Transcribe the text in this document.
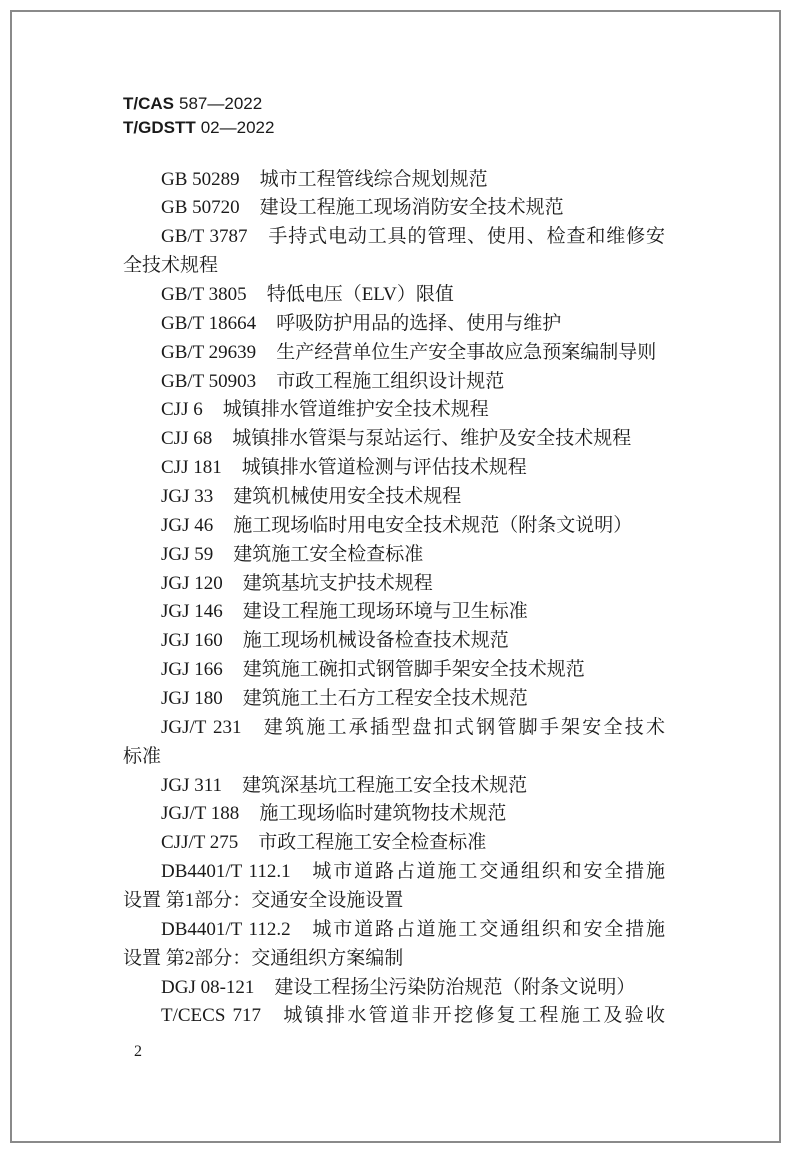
T/CAS 587—2022
T/GDSTT 02—2022
GB 50289 城市工程管线综合规划规范
GB 50720 建设工程施工现场消防安全技术规范
GB/T 3787 手持式电动工具的管理、使用、检查和维修安
全技术规程
GB/T 3805 特低电压（ELV）限值
GB/T 18664 呼吸防护用品的选择、使用与维护
GB/T 29639 生产经营单位生产安全事故应急预案编制导则
GB/T 50903 市政工程施工组织设计规范
CJJ 6 城镇排水管道维护安全技术规程
CJJ 68 城镇排水管渠与泵站运行、维护及安全技术规程
CJJ 181 城镇排水管道检测与评估技术规程
JGJ 33 建筑机械使用安全技术规程
JGJ 46 施工现场临时用电安全技术规范（附条文说明）
JGJ 59 建筑施工安全检查标准
JGJ 120 建筑基坑支护技术规程
JGJ 146 建设工程施工现场环境与卫生标准
JGJ 160 施工现场机械设备检查技术规范
JGJ 166 建筑施工碗扣式钢管脚手架安全技术规范
JGJ 180 建筑施工土石方工程安全技术规范
JGJ/T 231 建筑施工承插型盘扣式钢管脚手架安全技术
标准
JGJ 311 建筑深基坑工程施工安全技术规范
JGJ/T 188 施工现场临时建筑物技术规范
CJJ/T 275 市政工程施工安全检查标准
DB4401/T 112.1 城市道路占道施工交通组织和安全措施
设置 第1部分：交通安全设施设置
DB4401/T 112.2 城市道路占道施工交通组织和安全措施
设置 第2部分：交通组织方案编制
DGJ 08-121 建设工程扬尘污染防治规范（附条文说明）
T/CECS 717 城镇排水管道非开挖修复工程施工及验收
2
